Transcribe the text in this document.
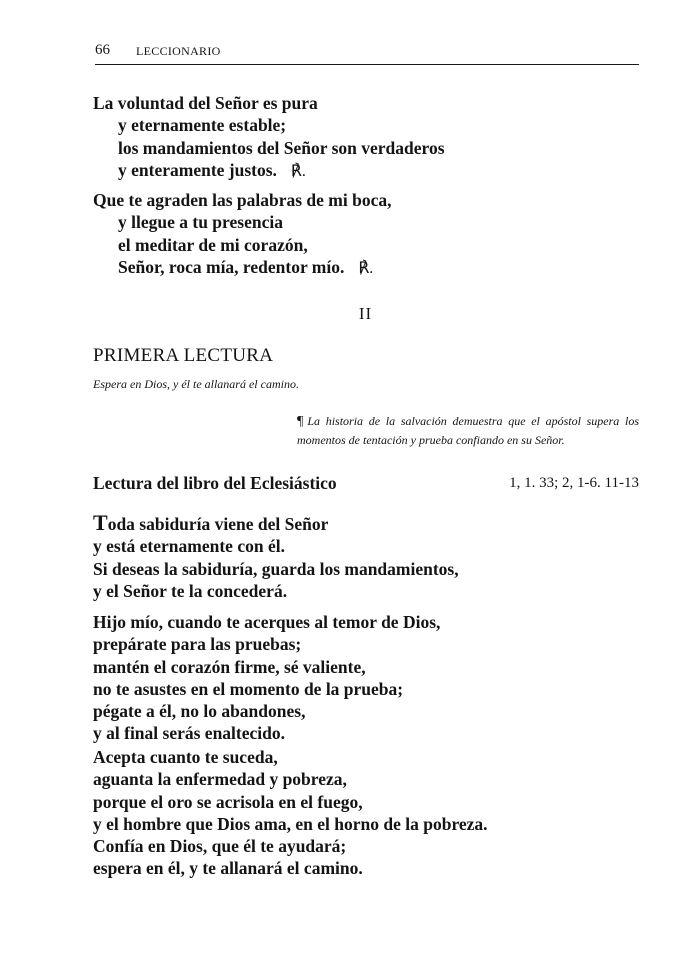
66 LECCIONARIO
La voluntad del Señor es pura
y eternamente estable;
los mandamientos del Señor son verdaderos
y enteramente justos. ℟.
Que te agraden las palabras de mi boca,
y llegue a tu presencia
el meditar de mi corazón,
Señor, roca mía, redentor mío. ℟.
II
PRIMERA LECTURA
Espera en Dios, y él te allanará el camino.
¶ La historia de la salvación demuestra que el apóstol supera los momentos de tentación y prueba confiando en su Señor.
Lectura del libro del Eclesiástico	1, 1. 33; 2, 1-6. 11-13
Toda sabiduría viene del Señor
y está eternamente con él.
Si deseas la sabiduría, guarda los mandamientos,
y el Señor te la concederá.
Hijo mío, cuando te acerques al temor de Dios,
prepárate para las pruebas;
mantén el corazón firme, sé valiente,
no te asustes en el momento de la prueba;
pégate a él, no lo abandones,
y al final serás enaltecido.
Acepta cuanto te suceda,
aguanta la enfermedad y pobreza,
porque el oro se acrisola en el fuego,
y el hombre que Dios ama, en el horno de la pobreza.
Confía en Dios, que él te ayudará;
espera en él, y te allanará el camino.
